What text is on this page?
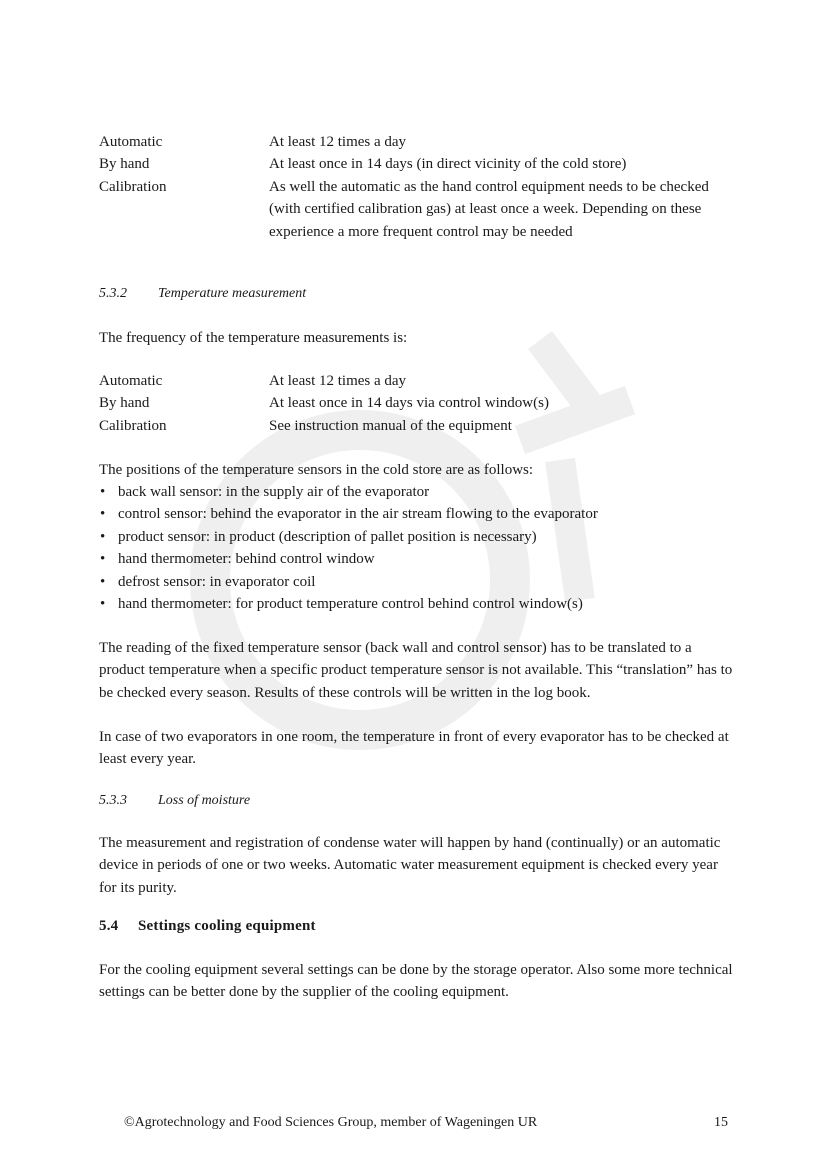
Automatic	At least 12 times a day
By hand	At least once in 14 days (in direct vicinity of the cold store)
Calibration	As well the automatic as the hand control equipment needs to be checked (with certified calibration gas) at least once a week. Depending on these experience a more frequent control may be needed
5.3.2 Temperature measurement

The frequency of the temperature measurements is:

Automatic	At least 12 times a day
By hand	At least once in 14 days via control window(s)
Calibration	See instruction manual of the equipment

The positions of the temperature sensors in the cold store are as follows:

• back wall sensor: in the supply air of the evaporator
• control sensor: behind the evaporator in the air stream flowing to the evaporator
• product sensor: in product (description of pallet position is necessary)
• hand thermometer: behind control window
• defrost sensor: in evaporator coil
• hand thermometer: for product temperature control behind control window(s)

The reading of the fixed temperature sensor (back wall and control sensor) has to be translated to a product temperature when a specific product temperature sensor is not available. This “translation” has to be checked every season. Results of these controls will be written in the log book.

In case of two evaporators in one room, the temperature in front of every evaporator has to be checked at least every year.

5.3.3 Loss of moisture

The measurement and registration of condense water will happen by hand (continually) or an automatic device in periods of one or two weeks. Automatic water measurement equipment is checked every year for its purity.

5.4 Settings cooling equipment

For the cooling equipment several settings can be done by the storage operator. Also some more technical settings can be better done by the supplier of the cooling equipment.

©Agrotechnology and Food Sciences Group, member of Wageningen UR	15
